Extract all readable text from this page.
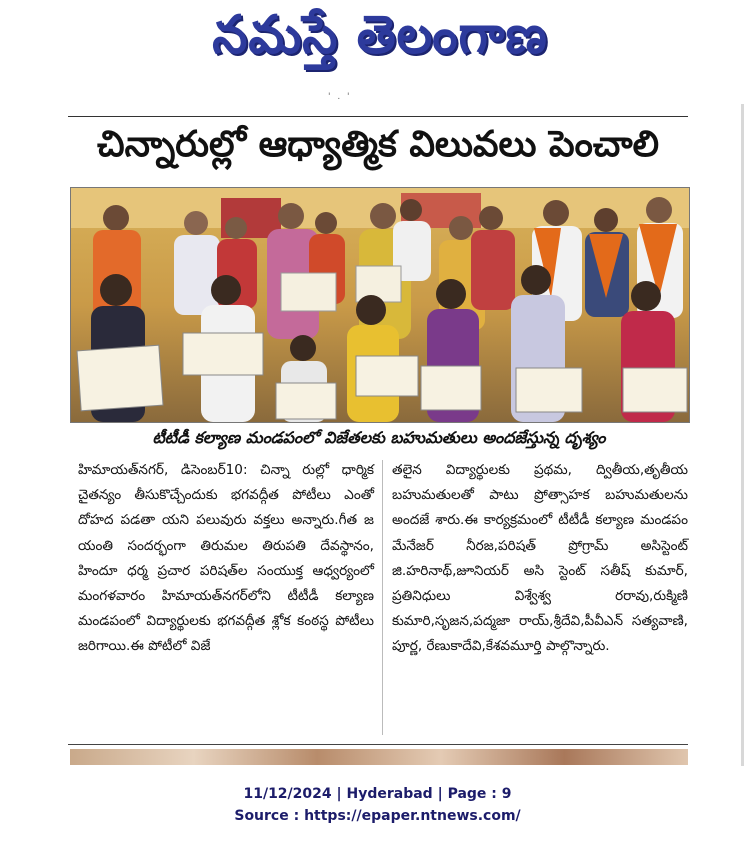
నమస్తే తెలంగాణ
' . '
చిన్నారుల్లో ఆధ్యాత్మిక విలువలు పెంచాలి
టీటీడీ కల్యాణ మండపంలో విజేతలకు బహుమతులు అందజేస్తున్న దృశ్యం

హిమాయత్‌నగర్, డిసెంబర్10: చిన్నా రుల్లో ధార్మిక చైతన్యం తీసుకొచ్చేందుకు భగవద్గీత పోటీలు ఎంతో దోహద పడతా యని పలువురు వక్తలు అన్నారు.గీత జ యంతి సందర్భంగా తిరుమల తిరుపతి దేవస్థానం, హిందూ ధర్మ ప్రచార పరిషత్‌ల సంయుక్త ఆధ్వర్యంలో మంగళవారం హిమాయత్‌నగర్‌లోని టీటీడీ కల్యాణ మండపంలో విద్యార్థులకు భగవద్గీత శ్లోక కంఠస్థ పోటీలు జరిగాయి.ఈ పోటీలో విజే

తలైన విద్యార్థులకు ప్రథమ, ద్వితీయ,తృతీయ బహుమతులతో పాటు ప్రోత్సాహక బహుమతులను అందజే శారు.ఈ కార్యక్రమంలో టీటీడీ కల్యాణ మండపం మేనేజర్ నీరజ,పరిషత్ ప్రోగ్రామ్ అసిస్టెంట్ జి.హరినాథ్,జూనియర్ అసి స్టెంట్ సతీష్ కుమార్, ప్రతినిధులు విశ్వేశ్వ రరావు,రుక్మిణి కుమారి,సృజన,పద్మజా రాయ్,శ్రీదేవి,పీవీఎన్ సత్యవాణి, పూర్ణ, రేణుకాదేవి,కేశవమూర్తి పాల్గొన్నారు.

11/12/2024 | Hyderabad | Page : 9
Source : https://epaper.ntnews.com/
